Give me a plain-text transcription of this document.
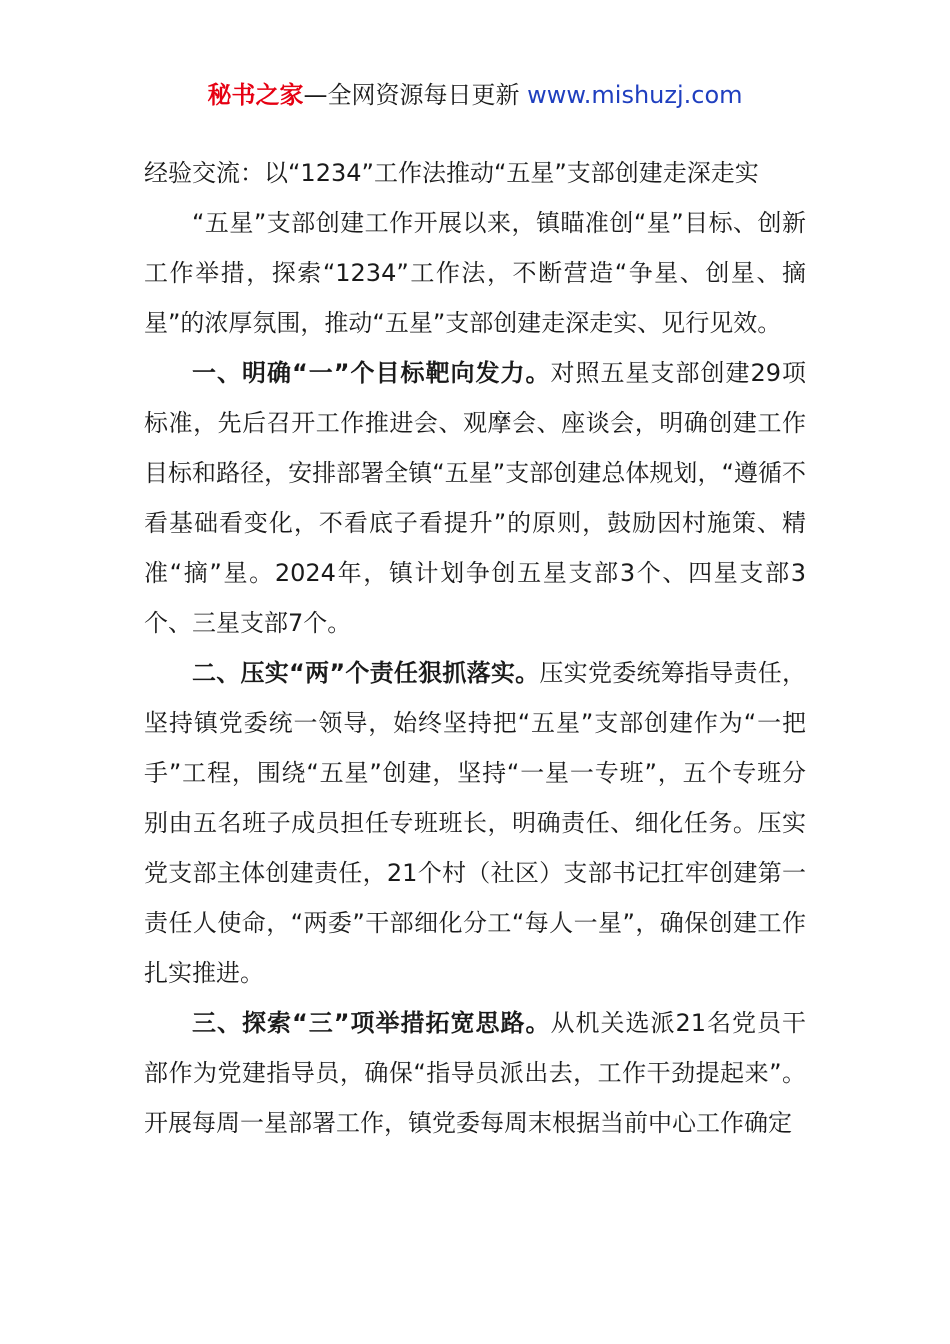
秘书之家—全网资源每日更新 www.mishuzj.com
经验交流：以“1234”工作法推动“五星”支部创建走深走实

“五星”支部创建工作开展以来，镇瞄准创“星”目标、创新工作举措，探索“1234”工作法，不断营造“争星、创星、摘星”的浓厚氛围，推动“五星”支部创建走深走实、见行见效。

一、明确“一”个目标靶向发力。对照五星支部创建29项标准，先后召开工作推进会、观摩会、座谈会，明确创建工作目标和路径，安排部署全镇“五星”支部创建总体规划，“遵循不看基础看变化，不看底子看提升”的原则，鼓励因村施策、精准“摘”星。2024年，镇计划争创五星支部3个、四星支部3个、三星支部7个。

二、压实“两”个责任狠抓落实。压实党委统筹指导责任，坚持镇党委统一领导，始终坚持把“五星”支部创建作为“一把手”工程，围绕“五星”创建，坚持“一星一专班”，五个专班分别由五名班子成员担任专班班长，明确责任、细化任务。压实党支部主体创建责任，21个村（社区）支部书记扛牢创建第一责任人使命，“两委”干部细化分工“每人一星”，确保创建工作扎实推进。

三、探索“三”项举措拓宽思路。从机关选派21名党员干部作为党建指导员，确保“指导员派出去，工作干劲提起来”。开展每周一星部署工作，镇党委每周末根据当前中心工作确定
